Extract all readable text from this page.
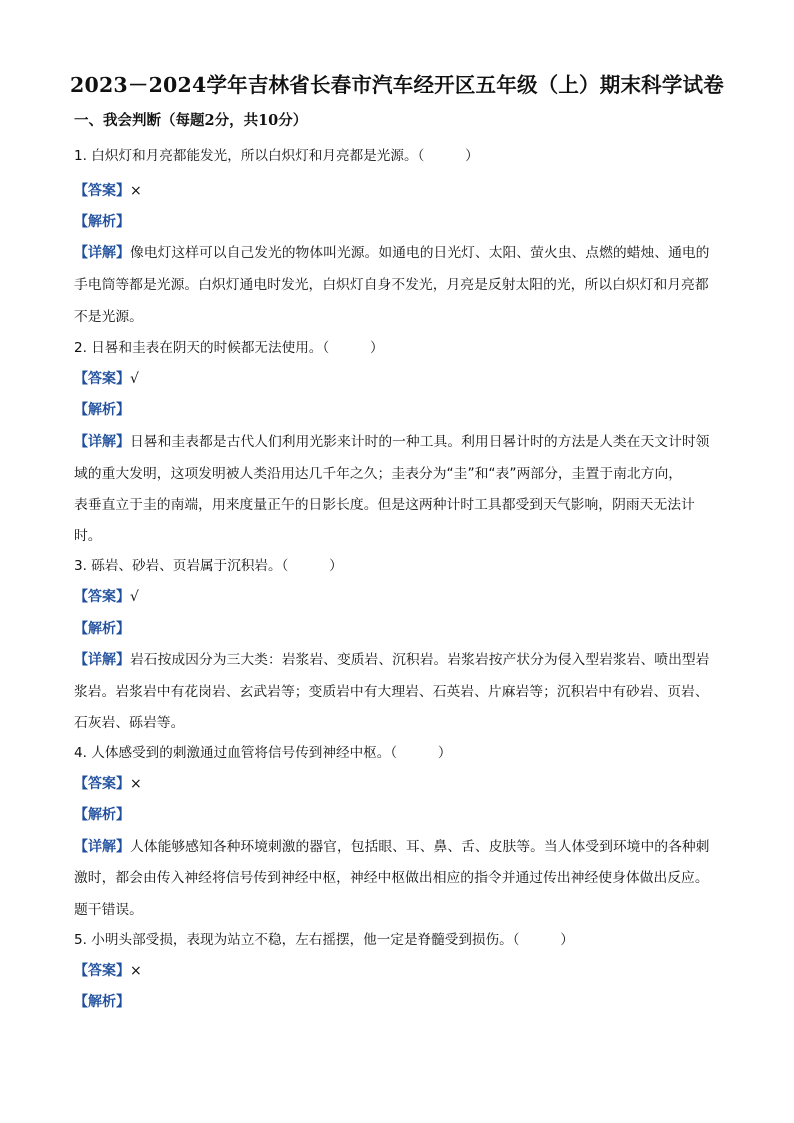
2023－2024学年吉林省长春市汽车经开区五年级（上）期末科学试卷
一、我会判断（每题2分，共10分）
1. 白炽灯和月亮都能发光，所以白炽灯和月亮都是光源。（　　　）
【答案】×
【解析】
【详解】像电灯这样可以自己发光的物体叫光源。如通电的日光灯、太阳、萤火虫、点燃的蜡烛、通电的
手电筒等都是光源。白炽灯通电时发光，白炽灯自身不发光，月亮是反射太阳的光，所以白炽灯和月亮都
不是光源。
2. 日晷和圭表在阴天的时候都无法使用。（　　　）
【答案】√
【解析】
【详解】日晷和圭表都是古代人们利用光影来计时的一种工具。利用日晷计时的方法是人类在天文计时领
域的重大发明，这项发明被人类沿用达几千年之久；圭表分为“圭”和“表”两部分，圭置于南北方向，
表垂直立于圭的南端，用来度量正午的日影长度。但是这两种计时工具都受到天气影响，阴雨天无法计
时。
3. 砾岩、砂岩、页岩属于沉积岩。（　　　）
【答案】√
【解析】
【详解】岩石按成因分为三大类：岩浆岩、变质岩、沉积岩。岩浆岩按产状分为侵入型岩浆岩、喷出型岩
浆岩。岩浆岩中有花岗岩、玄武岩等；变质岩中有大理岩、石英岩、片麻岩等；沉积岩中有砂岩、页岩、
石灰岩、砾岩等。
4. 人体感受到的刺激通过血管将信号传到神经中枢。（　　　）
【答案】×
【解析】
【详解】人体能够感知各种环境刺激的器官，包括眼、耳、鼻、舌、皮肤等。当人体受到环境中的各种刺
激时，都会由传入神经将信号传到神经中枢，神经中枢做出相应的指令并通过传出神经使身体做出反应。
题干错误。
5. 小明头部受损，表现为站立不稳，左右摇摆，他一定是脊髓受到损伤。（　　　）
【答案】×
【解析】
